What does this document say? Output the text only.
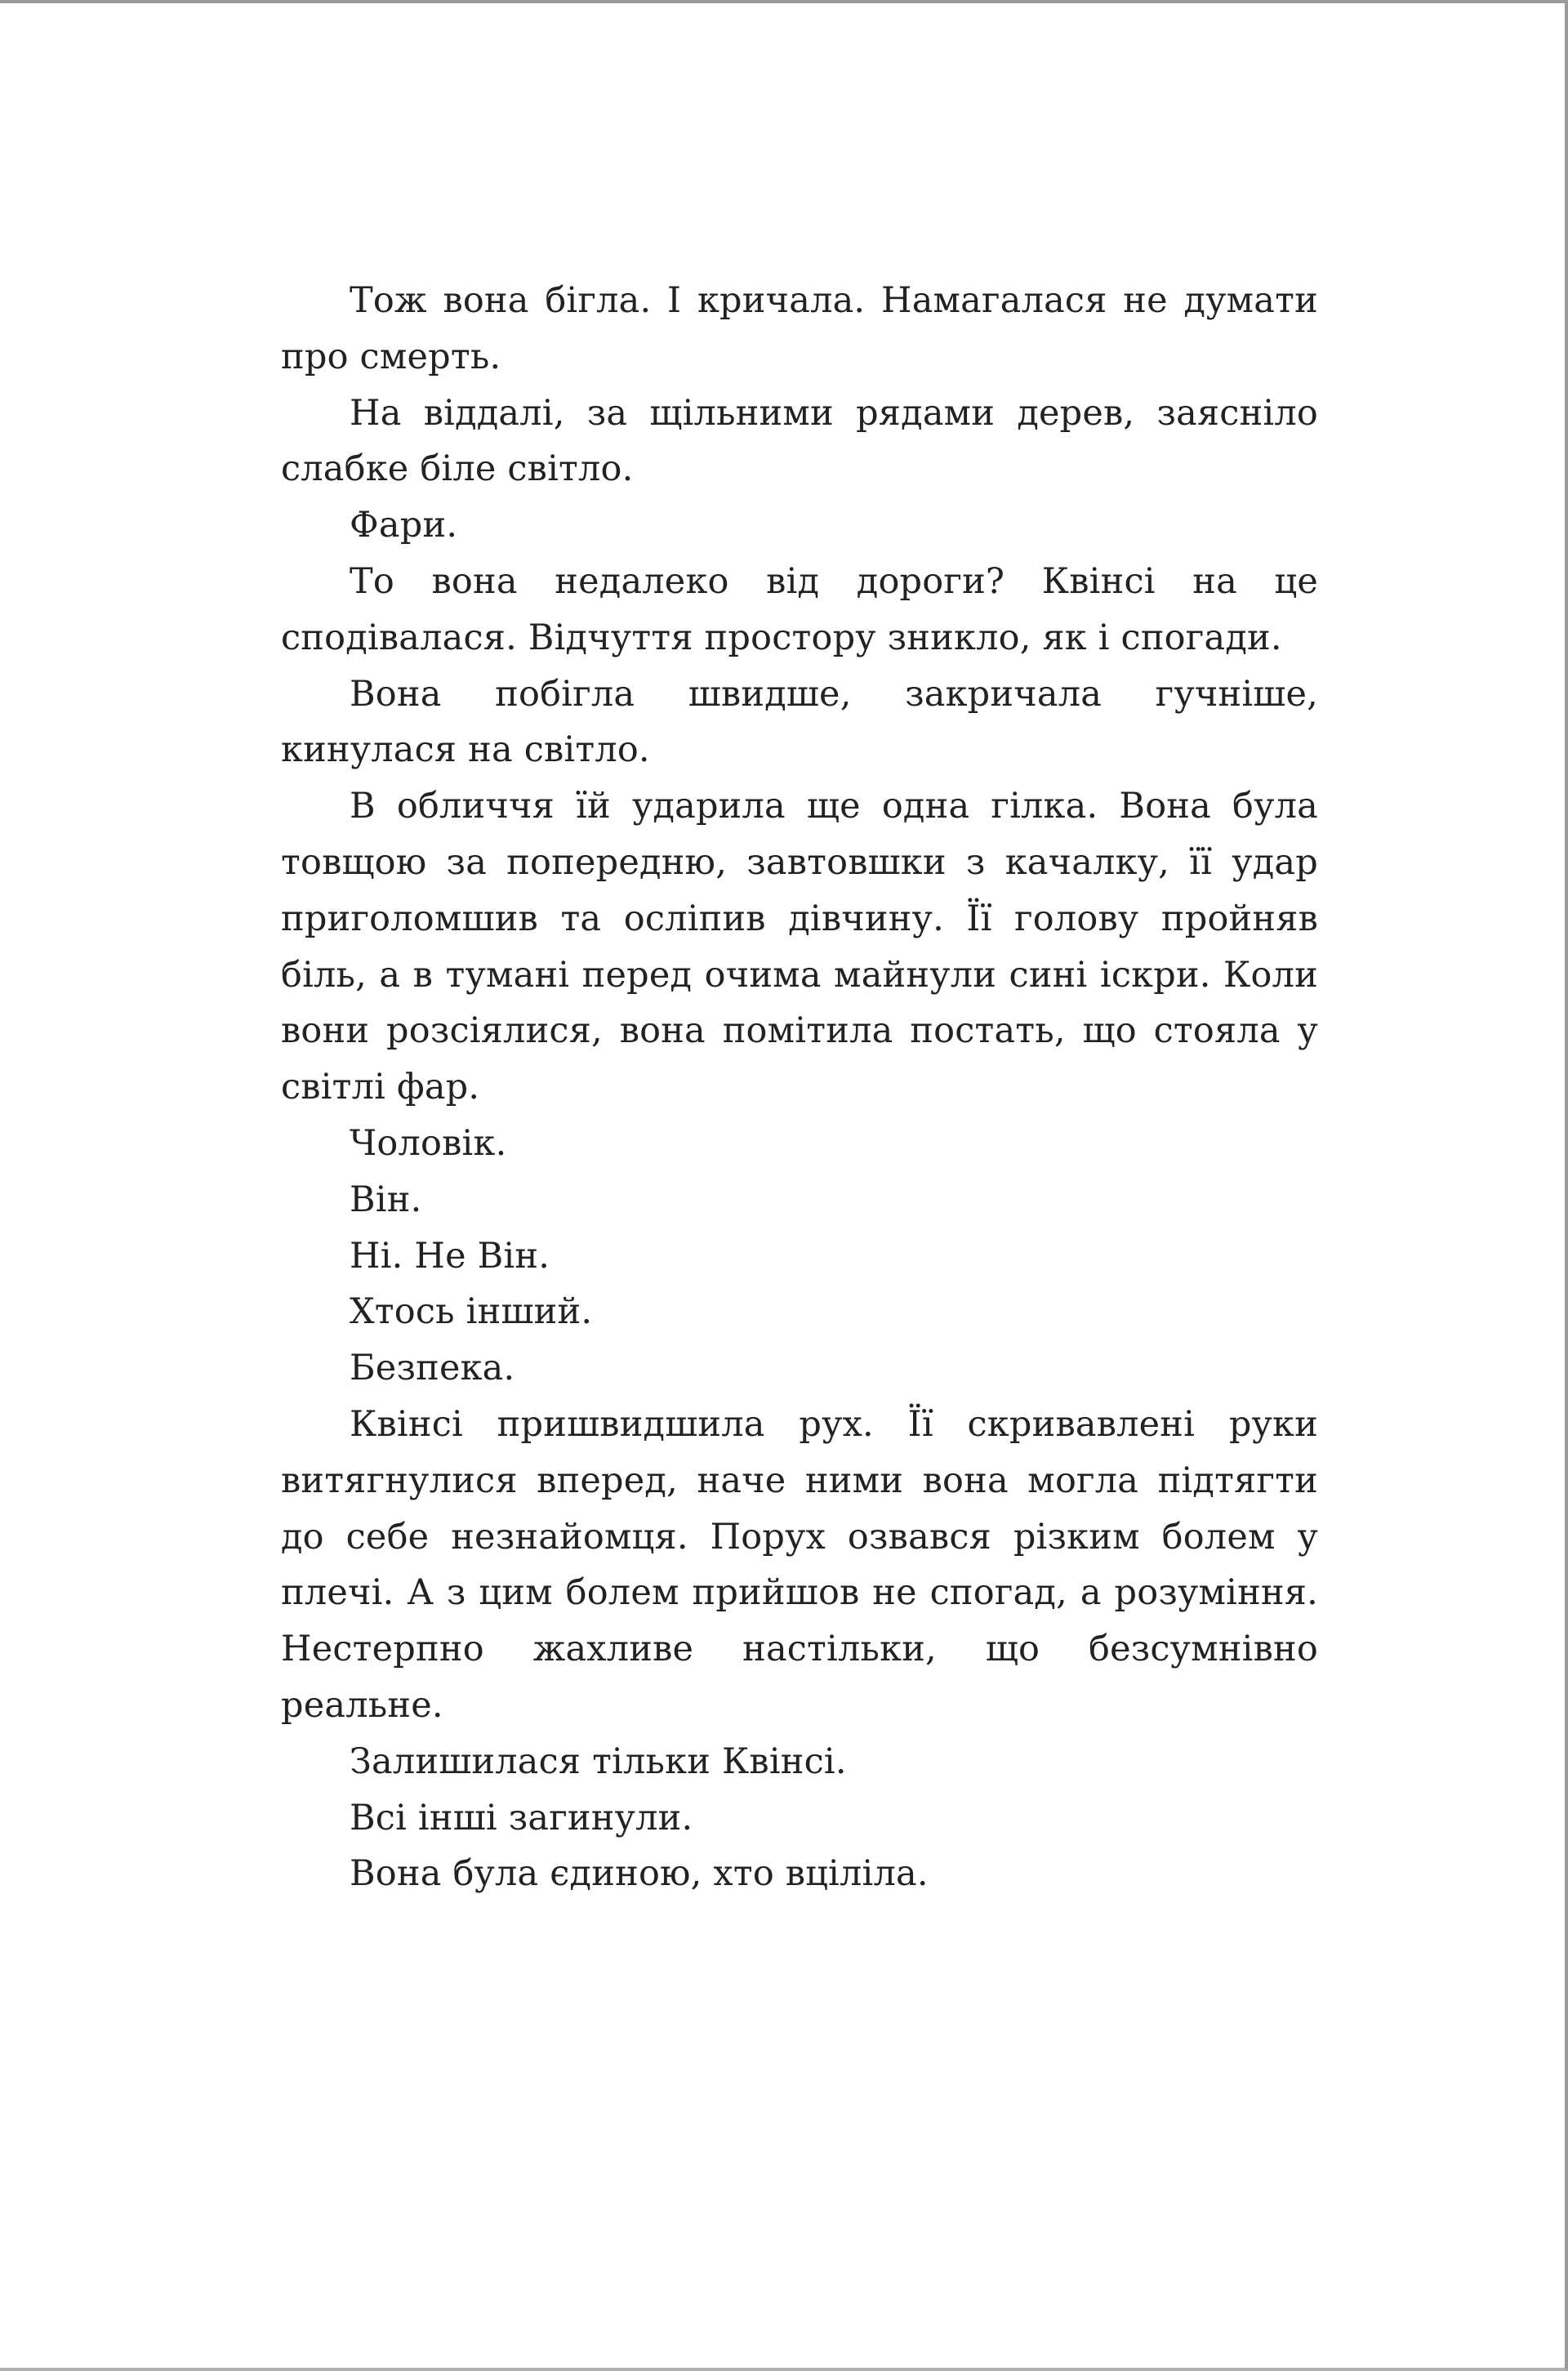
Тож вона бігла. І кричала. Намагалася не думати про смерть.

На віддалі, за щільними рядами дерев, заясніло слабке біле світло.

Фари.

То вона недалеко від дороги? Квінсі на це сподівалася. Відчуття простору зникло, як і спогади.

Вона побігла швидше, закричала гучніше, кинулася на світло.

В обличчя їй ударила ще одна гілка. Вона була товщою за попередню, завтовшки з качалку, її удар приголомшив та осліпив дівчину. Її голову пройняв біль, а в тумані перед очима майнули сині іскри. Коли вони розсіялися, вона помітила постать, що стояла у світлі фар.

Чоловік.

Він.

Ні. Не Він.

Хтось інший.

Безпека.

Квінсі пришвидшила рух. Її скривавлені руки витягнулися вперед, наче ними вона могла підтягти до себе незнайомця. Порух озвався різким болем у плечі. А з цим болем прийшов не спогад, а розуміння. Нестерпно жахливе настільки, що безсумнівно реальне.

Залишилася тільки Квінсі.

Всі інші загинули.

Вона була єдиною, хто вціліла.
